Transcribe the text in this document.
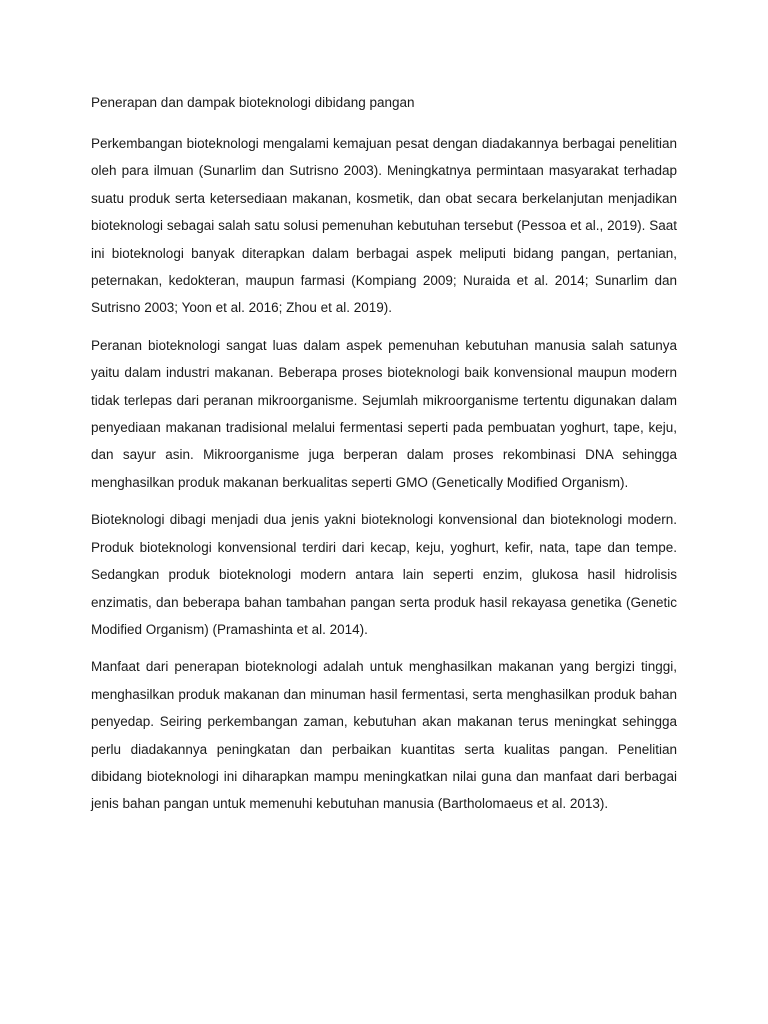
Penerapan dan dampak bioteknologi dibidang pangan

Perkembangan bioteknologi mengalami kemajuan pesat dengan diadakannya berbagai penelitian oleh para ilmuan (Sunarlim dan Sutrisno 2003). Meningkatnya permintaan masyarakat terhadap suatu produk serta ketersediaan makanan, kosmetik, dan obat secara berkelanjutan menjadikan bioteknologi sebagai salah satu solusi pemenuhan kebutuhan tersebut (Pessoa et al., 2019). Saat ini bioteknologi banyak diterapkan dalam berbagai aspek meliputi bidang pangan, pertanian, peternakan, kedokteran, maupun farmasi (Kompiang 2009; Nuraida et al. 2014; Sunarlim dan Sutrisno 2003; Yoon et al. 2016; Zhou et al. 2019).

Peranan bioteknologi sangat luas dalam aspek pemenuhan kebutuhan manusia salah satunya yaitu dalam industri makanan. Beberapa proses bioteknologi baik konvensional maupun modern tidak terlepas dari peranan mikroorganisme. Sejumlah mikroorganisme tertentu digunakan dalam penyediaan makanan tradisional melalui fermentasi seperti pada pembuatan yoghurt, tape, keju, dan sayur asin. Mikroorganisme juga berperan dalam proses rekombinasi DNA sehingga menghasilkan produk makanan berkualitas seperti GMO (Genetically Modified Organism).

Bioteknologi dibagi menjadi dua jenis yakni bioteknologi konvensional dan bioteknologi modern. Produk bioteknologi konvensional terdiri dari kecap, keju, yoghurt, kefir, nata, tape dan tempe. Sedangkan produk bioteknologi modern antara lain seperti enzim, glukosa hasil hidrolisis enzimatis, dan beberapa bahan tambahan pangan serta produk hasil rekayasa genetika (Genetic Modified Organism) (Pramashinta et al. 2014).

Manfaat dari penerapan bioteknologi adalah untuk menghasilkan makanan yang bergizi tinggi, menghasilkan produk makanan dan minuman hasil fermentasi, serta menghasilkan produk bahan penyedap. Seiring perkembangan zaman, kebutuhan akan makanan terus meningkat sehingga perlu diadakannya peningkatan dan perbaikan kuantitas serta kualitas pangan. Penelitian dibidang bioteknologi ini diharapkan mampu meningkatkan nilai guna dan manfaat dari berbagai jenis bahan pangan untuk memenuhi kebutuhan manusia (Bartholomaeus et al. 2013).
